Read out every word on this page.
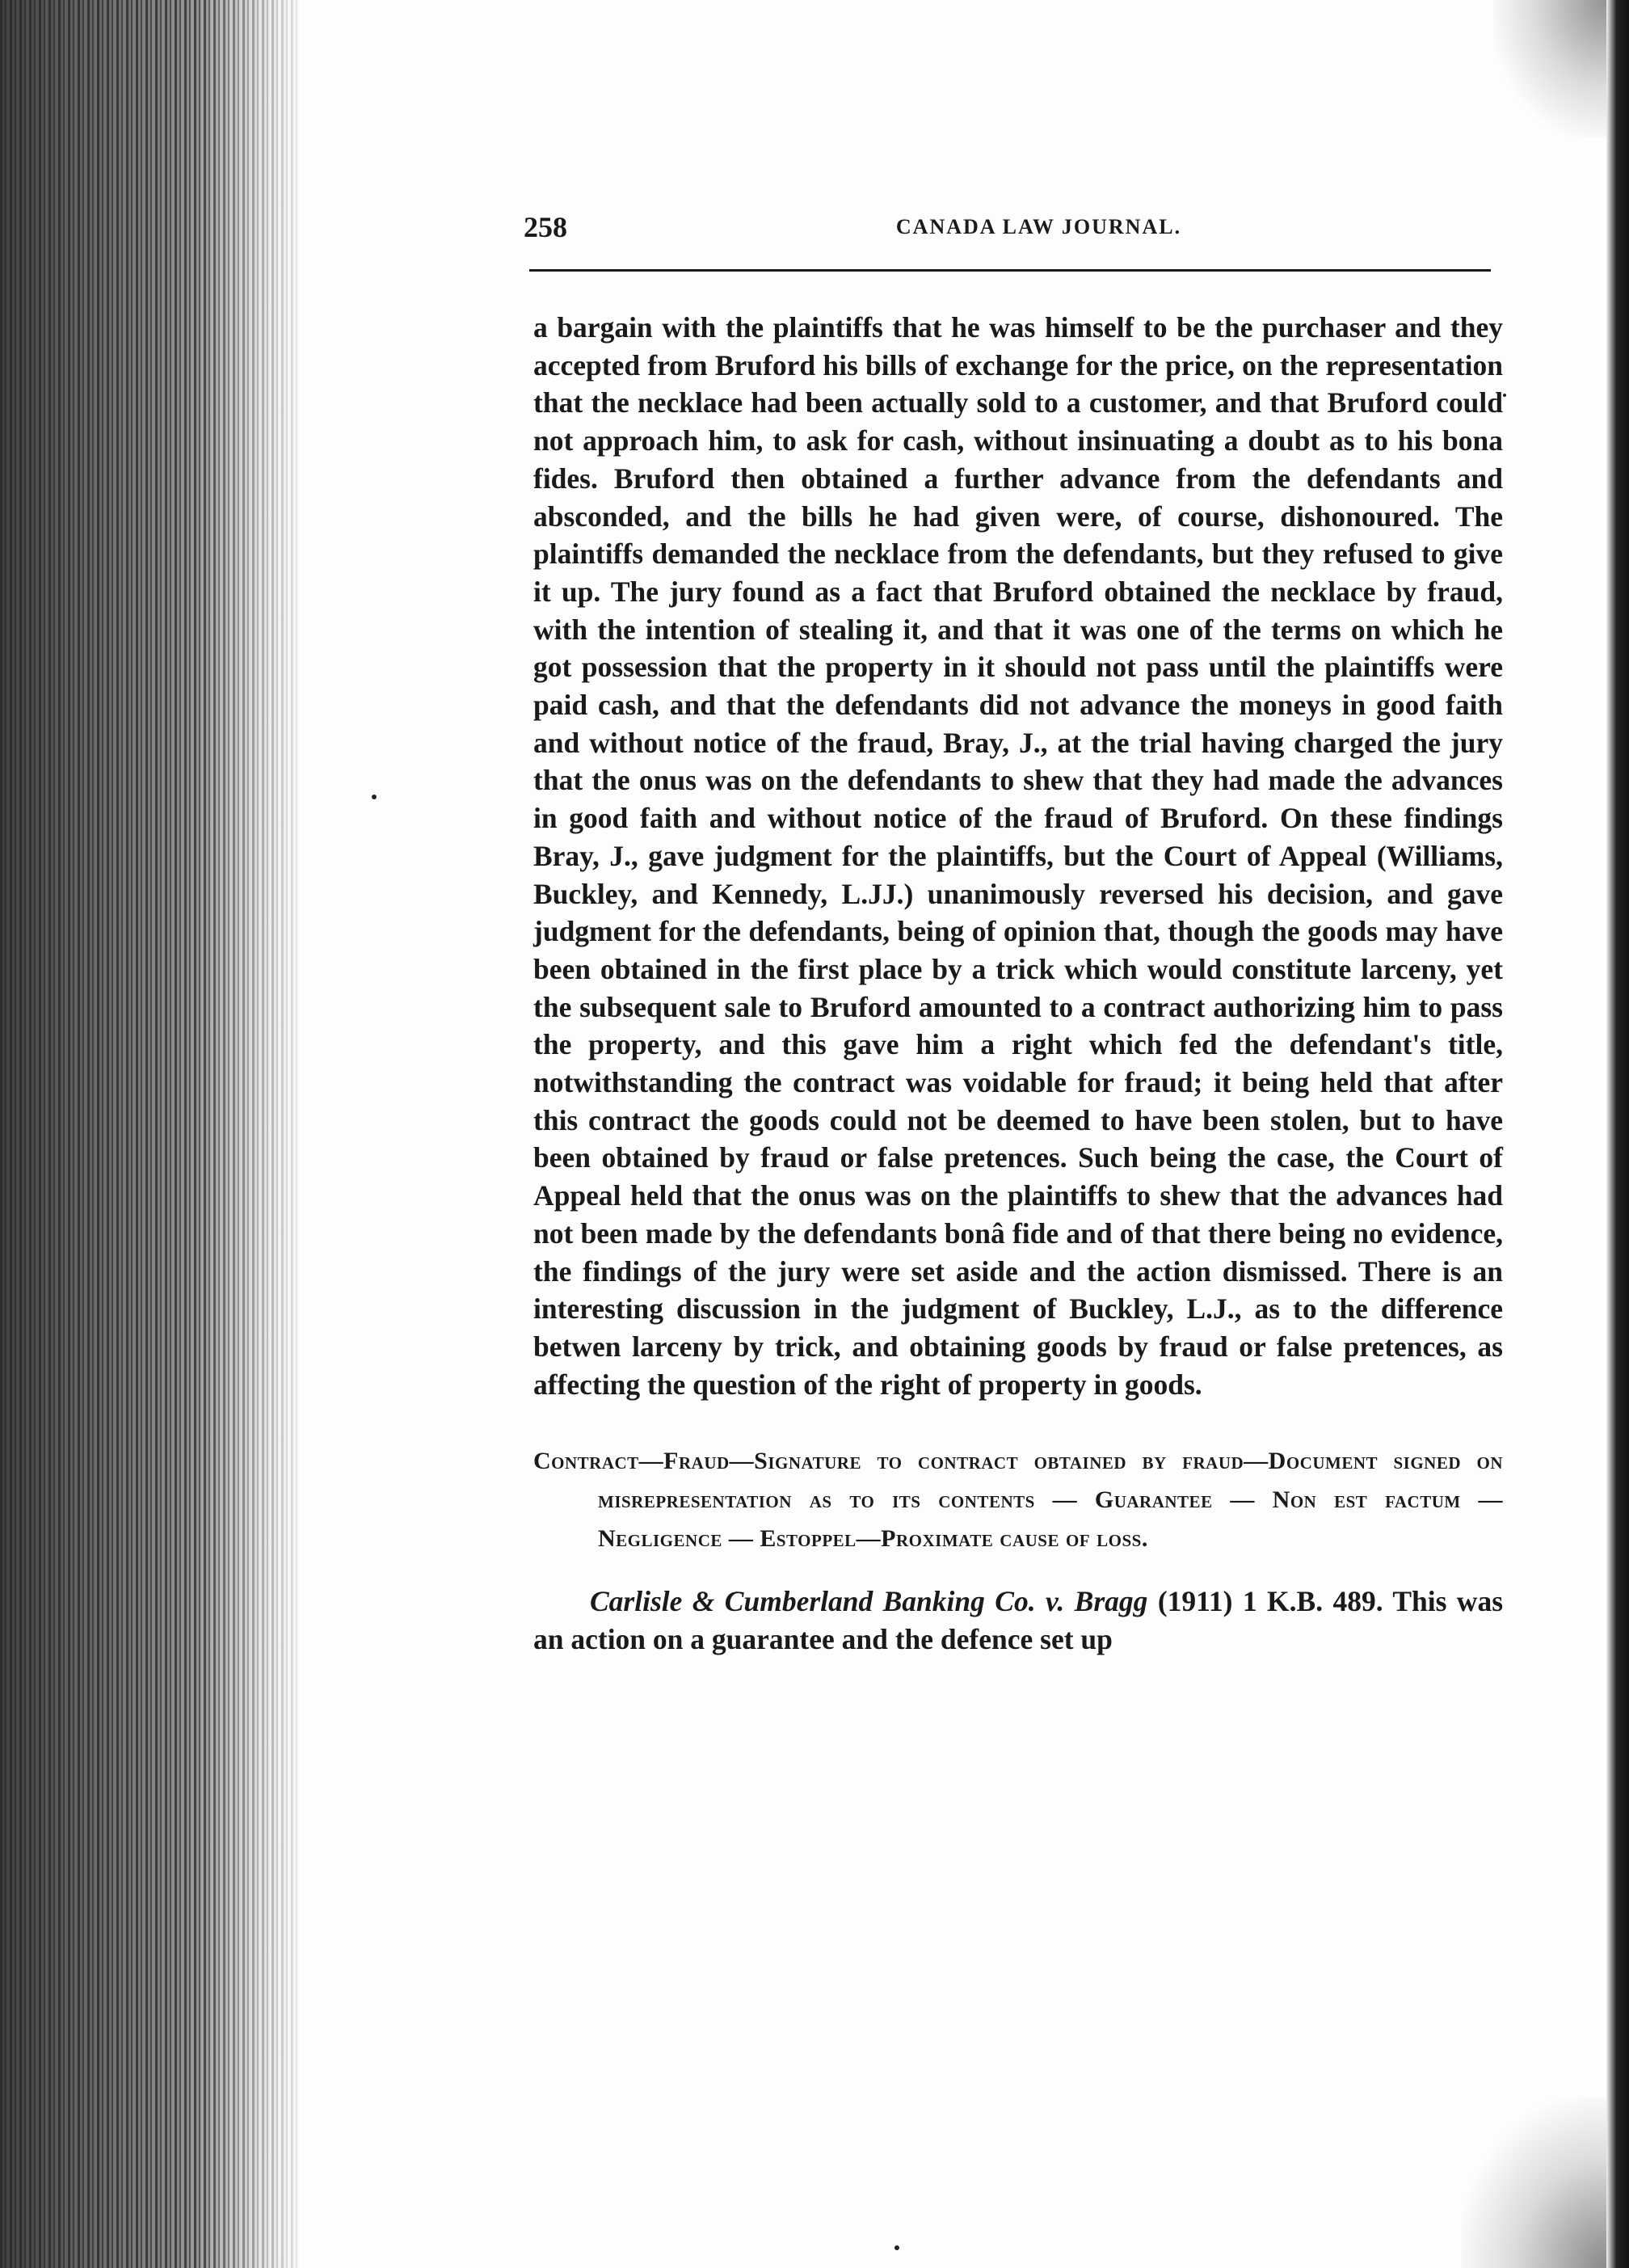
258	CANADA LAW JOURNAL.

a bargain with the plaintiffs that he was himself to be the purchaser and they accepted from Bruford his bills of exchange for the price, on the representation that the necklace had been actually sold to a customer, and that Bruford could not approach him, to ask for cash, without insinuating a doubt as to his bona fides. Bruford then obtained a further advance from the defendants and absconded, and the bills he had given were, of course, dishonoured. The plaintiffs demanded the necklace from the defendants, but they refused to give it up. The jury found as a fact that Bruford obtained the necklace by fraud, with the intention of stealing it, and that it was one of the terms on which he got possession that the property in it should not pass until the plaintiffs were paid cash, and that the defendants did not advance the moneys in good faith and without notice of the fraud, Bray, J., at the trial having charged the jury that the onus was on the defendants to shew that they had made the advances in good faith and without notice of the fraud of Bruford. On these findings Bray, J., gave judgment for the plaintiffs, but the Court of Appeal (Williams, Buckley, and Kennedy, L.JJ.) unanimously reversed his decision, and gave judgment for the defendants, being of opinion that, though the goods may have been obtained in the first place by a trick which would constitute larceny, yet the subsequent sale to Bruford amounted to a contract authorizing him to pass the property, and this gave him a right which fed the defendant's title, notwithstanding the contract was voidable for fraud; it being held that after this contract the goods could not be deemed to have been stolen, but to have been obtained by fraud or false pretences. Such being the case, the Court of Appeal held that the onus was on the plaintiffs to shew that the advances had not been made by the defendants bonâ fide and of that there being no evidence, the findings of the jury were set aside and the action dismissed. There is an interesting discussion in the judgment of Buckley, L.J., as to the difference betwen larceny by trick, and obtaining goods by fraud or false pretences, as affecting the question of the right of property in goods.

Contract—Fraud—Signature to contract obtained by fraud—Document signed on misrepresentation as to its contents — Guarantee — Non est factum — Negligence — Estoppel—Proximate cause of loss.

Carlisle & Cumberland Banking Co. v. Bragg (1911) 1 K.B. 489. This was an action on a guarantee and the defence set up
